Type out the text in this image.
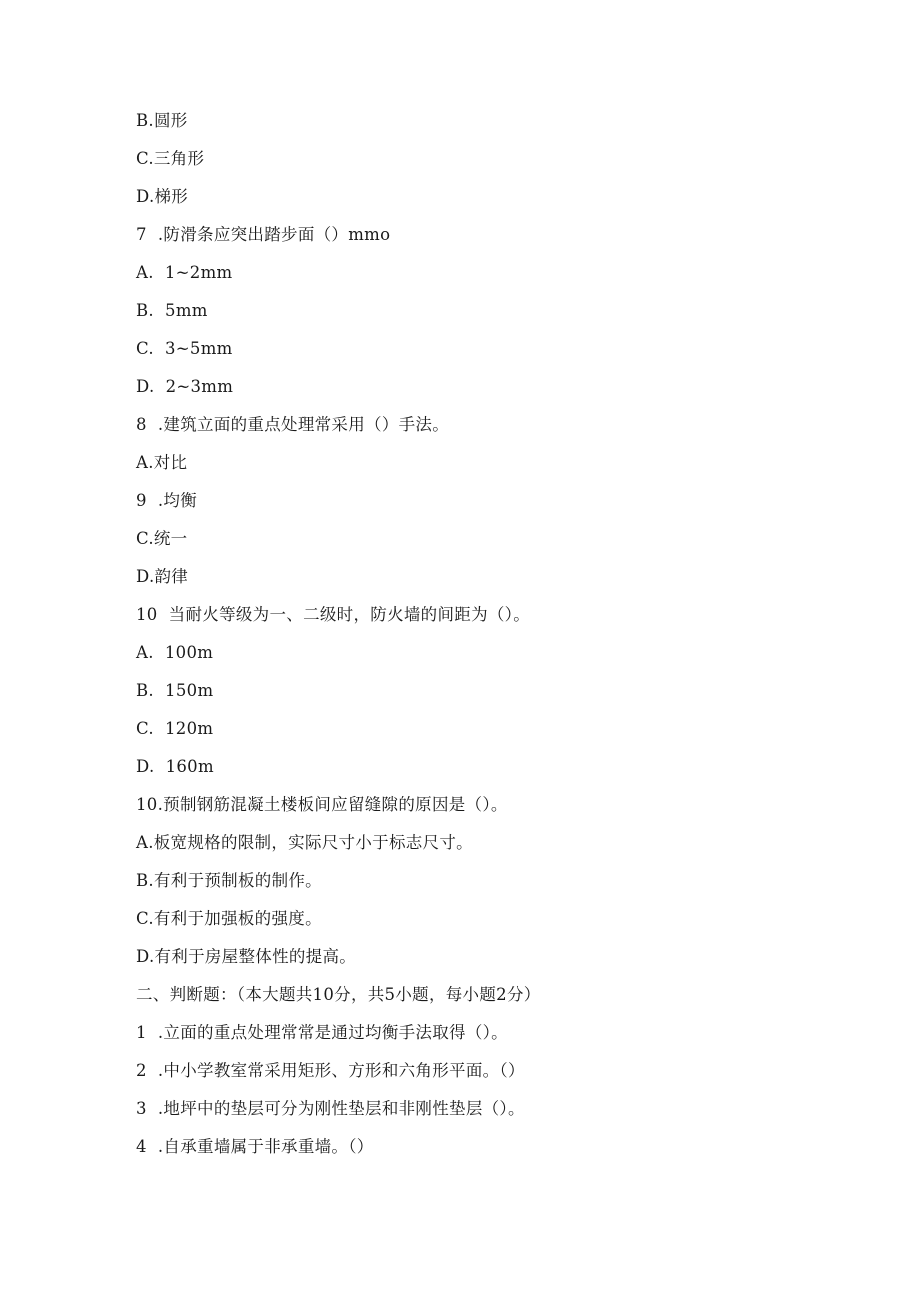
B.圆形
C.三角形
D.梯形
7  .防滑条应突出踏步面（）mmo
A.  1~2mm
B.  5mm
C.  3~5mm
D.  2~3mm
8  .建筑立面的重点处理常采用（）手法。
A.对比
9  .均衡
C.统一
D.韵律
10  当耐火等级为一、二级时，防火墙的间距为（）。
A.  100m
B.  150m
C.  120m
D.  160m
10.预制钢筋混凝土楼板间应留缝隙的原因是（）。
A.板宽规格的限制，实际尺寸小于标志尺寸。
B.有利于预制板的制作。
C.有利于加强板的强度。
D.有利于房屋整体性的提高。
二、判断题：（本大题共10分，共5小题，每小题2分）
1  .立面的重点处理常常是通过均衡手法取得（）。
2  .中小学教室常采用矩形、方形和六角形平面。（）
3  .地坪中的垫层可分为刚性垫层和非刚性垫层（）。
4  .自承重墙属于非承重墙。（）
